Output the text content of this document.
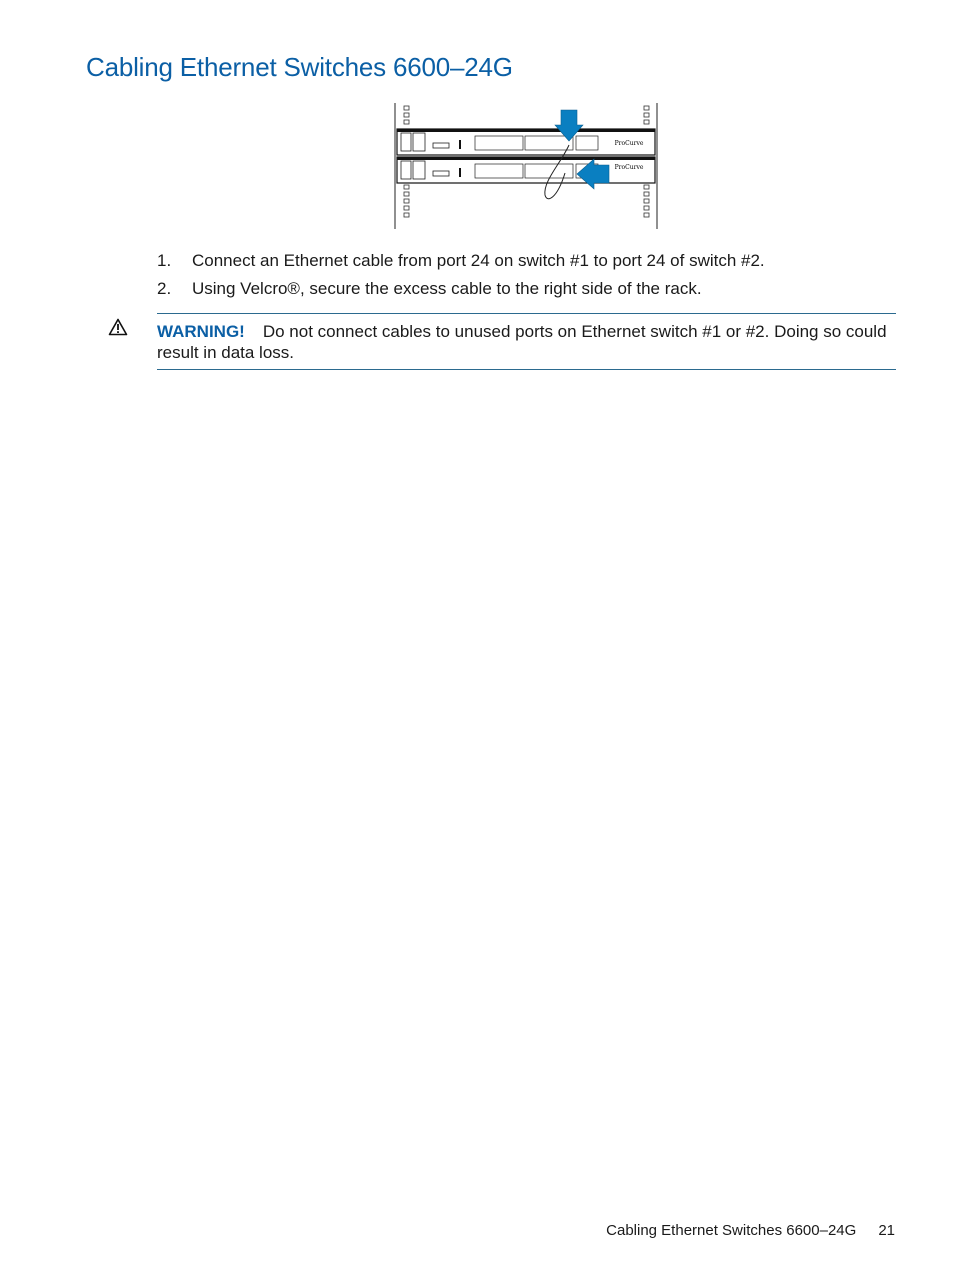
Cabling Ethernet Switches 6600–24G
ProCurve
ProCurve
1. Connect an Ethernet cable from port 24 on switch #1 to port 24 of switch #2.
2. Using Velcro®, secure the excess cable to the right side of the rack.
WARNING! Do not connect cables to unused ports on Ethernet switch #1 or #2. Doing so could result in data loss.
Cabling Ethernet Switches 6600–24G 21
